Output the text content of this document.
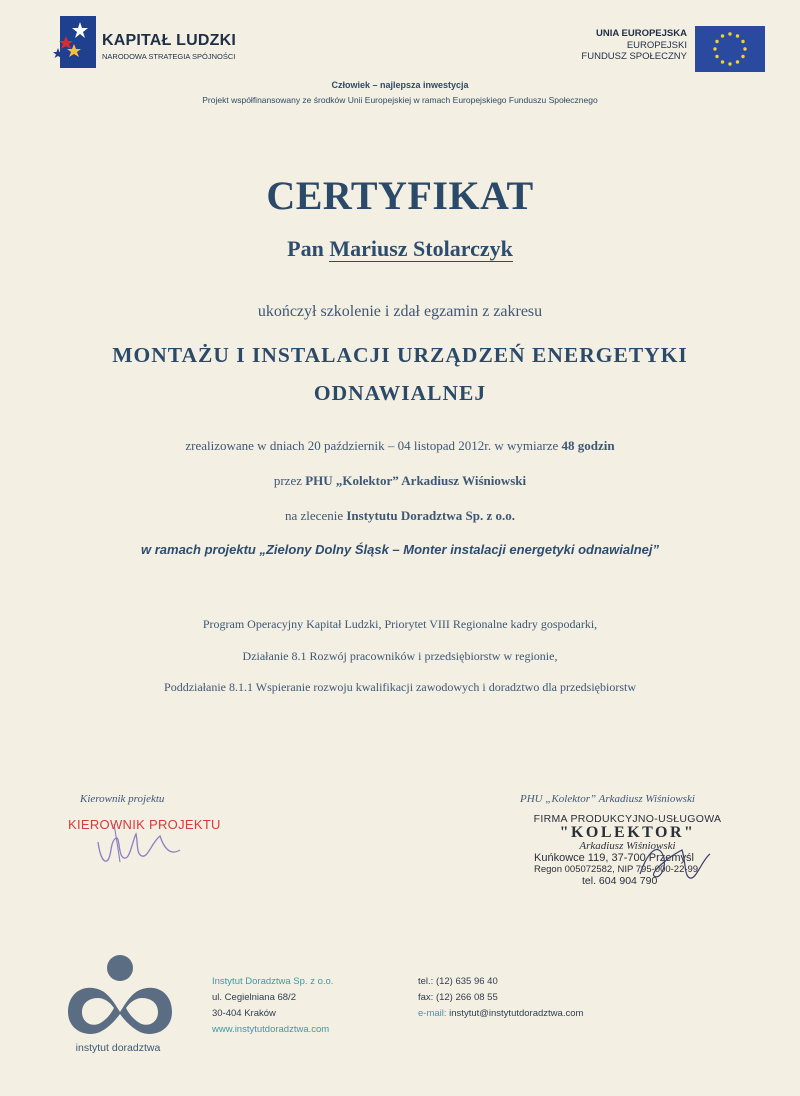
KAPITAŁ LUDZKI
NARODOWA STRATEGIA SPÓJNOŚCI
UNIA EUROPEJSKA
EUROPEJSKI
FUNDUSZ SPOŁECZNY
Człowiek – najlepsza inwestycja
Projekt współfinansowany ze środków Unii Europejskiej w ramach Europejskiego Funduszu Społecznego
CERTYFIKAT
Pan Mariusz Stolarczyk
ukończył szkolenie i zdał egzamin z zakresu
MONTAŻU I INSTALACJI URZĄDZEŃ ENERGETYKI
ODNAWIALNEJ
zrealizowane w dniach 20 październik – 04 listopad 2012r. w wymiarze 48 godzin
przez PHU „Kolektor” Arkadiusz Wiśniowski
na zlecenie Instytutu Doradztwa Sp. z o.o.
w ramach projektu „Zielony Dolny Śląsk – Monter instalacji energetyki odnawialnej”
Program Operacyjny Kapitał Ludzki, Priorytet VIII Regionalne kadry gospodarki,
Działanie 8.1 Rozwój pracowników i przedsiębiorstw w regionie,
Poddziałanie 8.1.1 Wspieranie rozwoju kwalifikacji zawodowych i doradztwo dla przedsiębiorstw
Kierownik projektu
KIEROWNIK PROJEKTU
PHU „Kolektor” Arkadiusz Wiśniowski
FIRMA PRODUKCYJNO-USŁUGOWA
"KOLEKTOR"
Arkadiusz Wiśniowski
Kuńkowce 119, 37-700 Przemyśl
Regon 005072582, NIP 795-000-22-99
tel. 604 904 790
instytut doradztwa
Instytut Doradztwa Sp. z o.o.
ul. Cegielniana 68/2
30-404 Kraków
www.instytutdoradztwa.com
tel.: (12) 635 96 40
fax: (12) 266 08 55
e-mail: instytut@instytutdoradztwa.com
